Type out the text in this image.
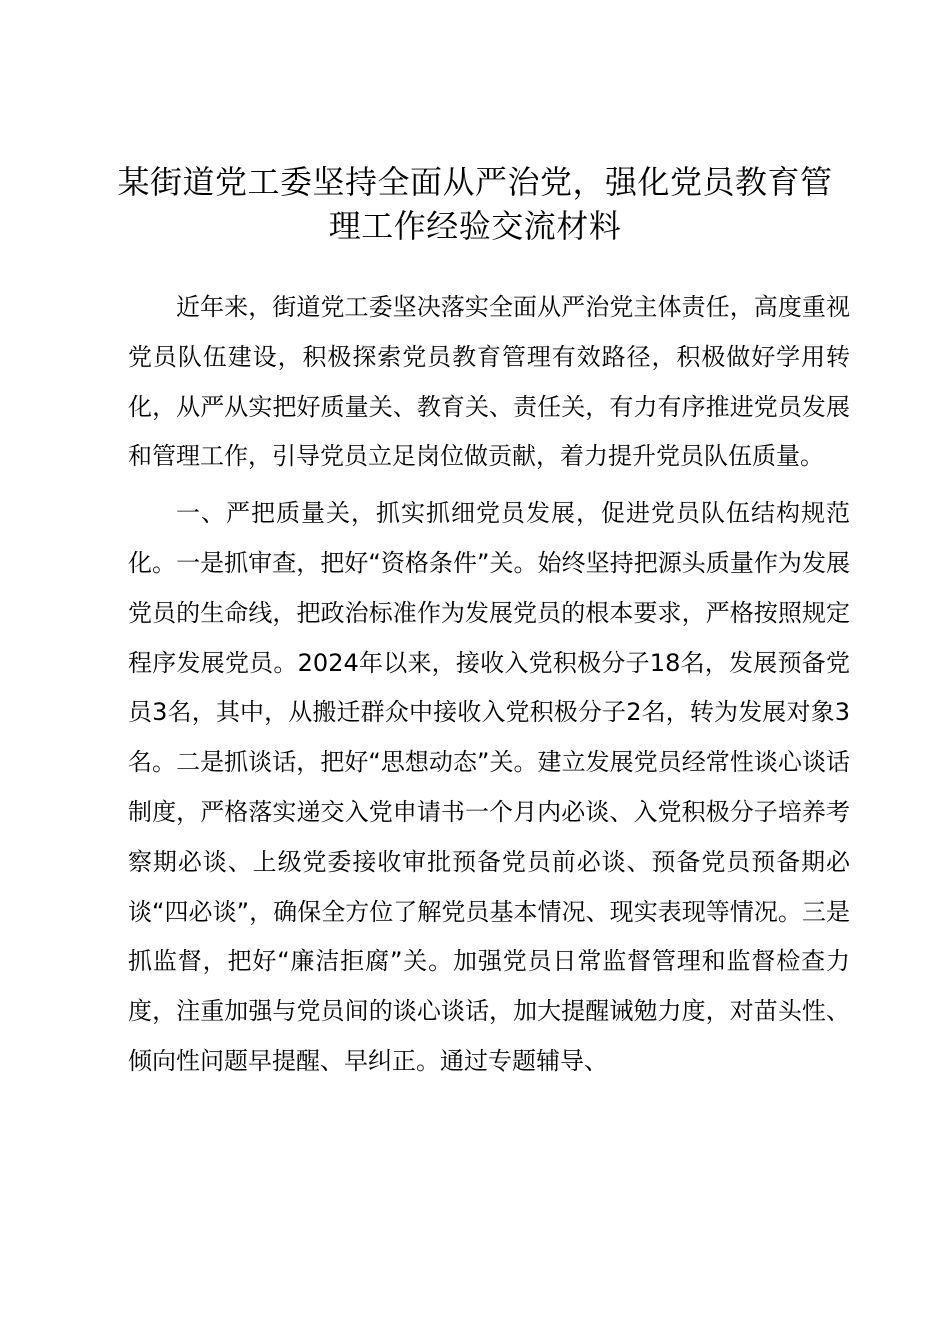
某街道党工委坚持全面从严治党，强化党员教育管理工作经验交流材料

近年来，街道党工委坚决落实全面从严治党主体责任，高度重视党员队伍建设，积极探索党员教育管理有效路径，积极做好学用转化，从严从实把好质量关、教育关、责任关，有力有序推进党员发展和管理工作，引导党员立足岗位做贡献，着力提升党员队伍质量。

一、严把质量关，抓实抓细党员发展，促进党员队伍结构规范化。一是抓审查，把好“资格条件”关。始终坚持把源头质量作为发展党员的生命线，把政治标准作为发展党员的根本要求，严格按照规定程序发展党员。2024年以来，接收入党积极分子18名，发展预备党员3名，其中，从搬迁群众中接收入党积极分子2名，转为发展对象3名。二是抓谈话，把好“思想动态”关。建立发展党员经常性谈心谈话制度，严格落实递交入党申请书一个月内必谈、入党积极分子培养考察期必谈、上级党委接收审批预备党员前必谈、预备党员预备期必谈“四必谈”，确保全方位了解党员基本情况、现实表现等情况。三是抓监督，把好“廉洁拒腐”关。加强党员日常监督管理和监督检查力度，注重加强与党员间的谈心谈话，加大提醒诫勉力度，对苗头性、倾向性问题早提醒、早纠正。通过专题辅导、
